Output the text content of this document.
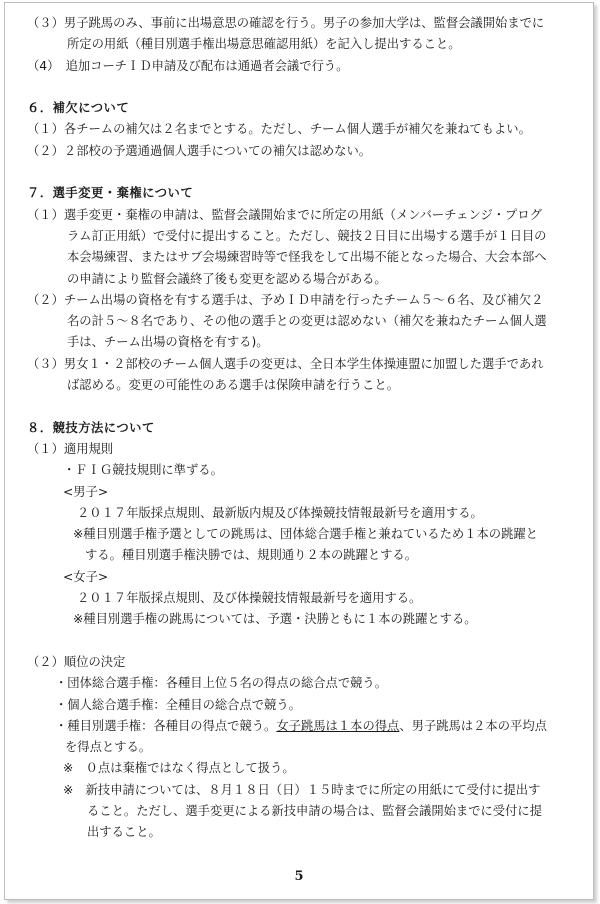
（３）男子跳馬のみ、事前に出場意思の確認を行う。男子の参加大学は、監督会議開始までに
所定の用紙（種目別選手権出場意思確認用紙）を記入し提出すること。
（4）　追加コーチＩＤ申請及び配布は通過者会議で行う。
６．補欠について
（１）各チームの補欠は２名までとする。ただし、チーム個人選手が補欠を兼ねてもよい。
（２）２部校の予選通過個人選手についての補欠は認めない。
７．選手変更・棄権について
（１）選手変更・棄権の申請は、監督会議開始までに所定の用紙（メンバーチェンジ・プログ
ラム訂正用紙）で受付に提出すること。ただし、競技２日目に出場する選手が１日目の
本会場練習、またはサブ会場練習時等で怪我をして出場不能となった場合、大会本部へ
の申請により監督会議終了後も変更を認める場合がある。
（２）チーム出場の資格を有する選手は、予めＩＤ申請を行ったチーム５～６名、及び補欠２
名の計５～８名であり、その他の選手との変更は認めない（補欠を兼ねたチーム個人選
手は、チーム出場の資格を有する)。
（３）男女１・２部校のチーム個人選手の変更は、全日本学生体操連盟に加盟した選手であれ
ば認める。変更の可能性のある選手は保険申請を行うこと。
８．競技方法について
（１）適用規則
・ＦＩＧ競技規則に準ずる。
<男子>
２０１７年版採点規則、最新版内規及び体操競技情報最新号を適用する。
※種目別選手権予選としての跳馬は、団体総合選手権と兼ねているため１本の跳躍と
する。種目別選手権決勝では、規則通り２本の跳躍とする。
<女子>
２０１７年版採点規則、及び体操競技情報最新号を適用する。
※種目別選手権の跳馬については、予選・決勝ともに１本の跳躍とする。
（２）順位の決定
・団体総合選手権：各種目上位５名の得点の総合点で競う。
・個人総合選手権：全種目の総合点で競う。
・種目別選手権：各種目の得点で競う。女子跳馬は１本の得点、男子跳馬は２本の平均点
を得点とする。
※　０点は棄権ではなく得点として扱う。
※　新技申請については、８月１８日（日）１５時までに所定の用紙にて受付に提出す
ること。ただし、選手変更による新技申請の場合は、監督会議開始までに受付に提
出すること。
5
